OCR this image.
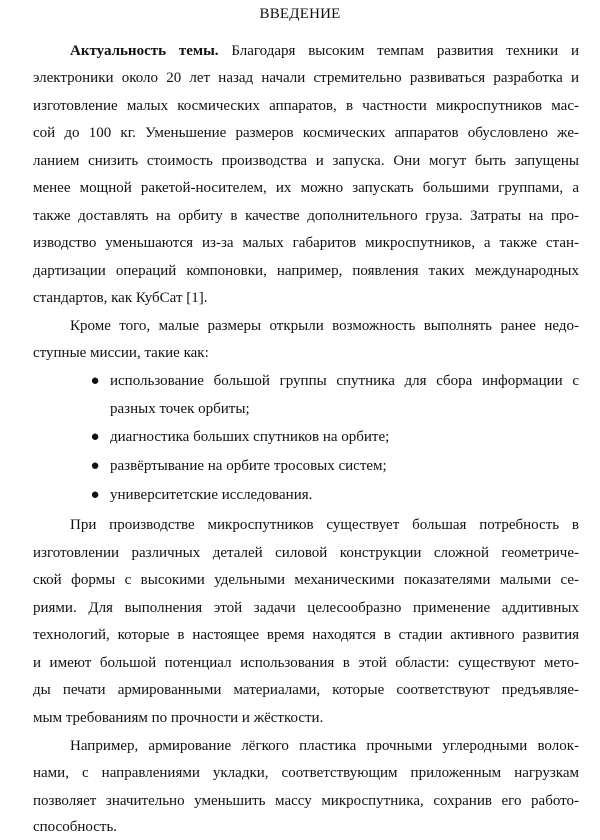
ВВЕДЕНИЕ
Актуальность темы. Благодаря высоким темпам развития техники и
электроники около 20 лет назад начали стремительно развиваться разработка и
изготовление малых космических аппаратов, в частности микроспутников мас-
сой до 100 кг. Уменьшение размеров космических аппаратов обусловлено же-
ланием снизить стоимость производства и запуска. Они могут быть запущены
менее мощной ракетой-носителем, их можно запускать большими группами, а
также доставлять на орбиту в качестве дополнительного груза. Затраты на про-
изводство уменьшаются из-за малых габаритов микроспутников, а также стан-
дартизации операций компоновки, например, появления таких международных
стандартов, как КубСат [1].
Кроме того, малые размеры открыли возможность выполнять ранее недо-
ступные миссии, такие как:
● использование большой группы спутника для сбора информации с
разных точек орбиты;
● диагностика больших спутников на орбите;
● развёртывание на орбите тросовых систем;
● университетские исследования.
При производстве микроспутников существует большая потребность в
изготовлении различных деталей силовой конструкции сложной геометриче-
ской формы с высокими удельными механическими показателями малыми се-
риями. Для выполнения этой задачи целесообразно применение аддитивных
технологий, которые в настоящее время находятся в стадии активного развития
и имеют большой потенциал использования в этой области: существуют мето-
ды печати армированными материалами, которые соответствуют предъявляе-
мым требованиям по прочности и жёсткости.
Например, армирование лёгкого пластика прочными углеродными волок-
нами, с направлениями укладки, соответствующим приложенным нагрузкам
позволяет значительно уменьшить массу микроспутника, сохранив его работо-
способность.
